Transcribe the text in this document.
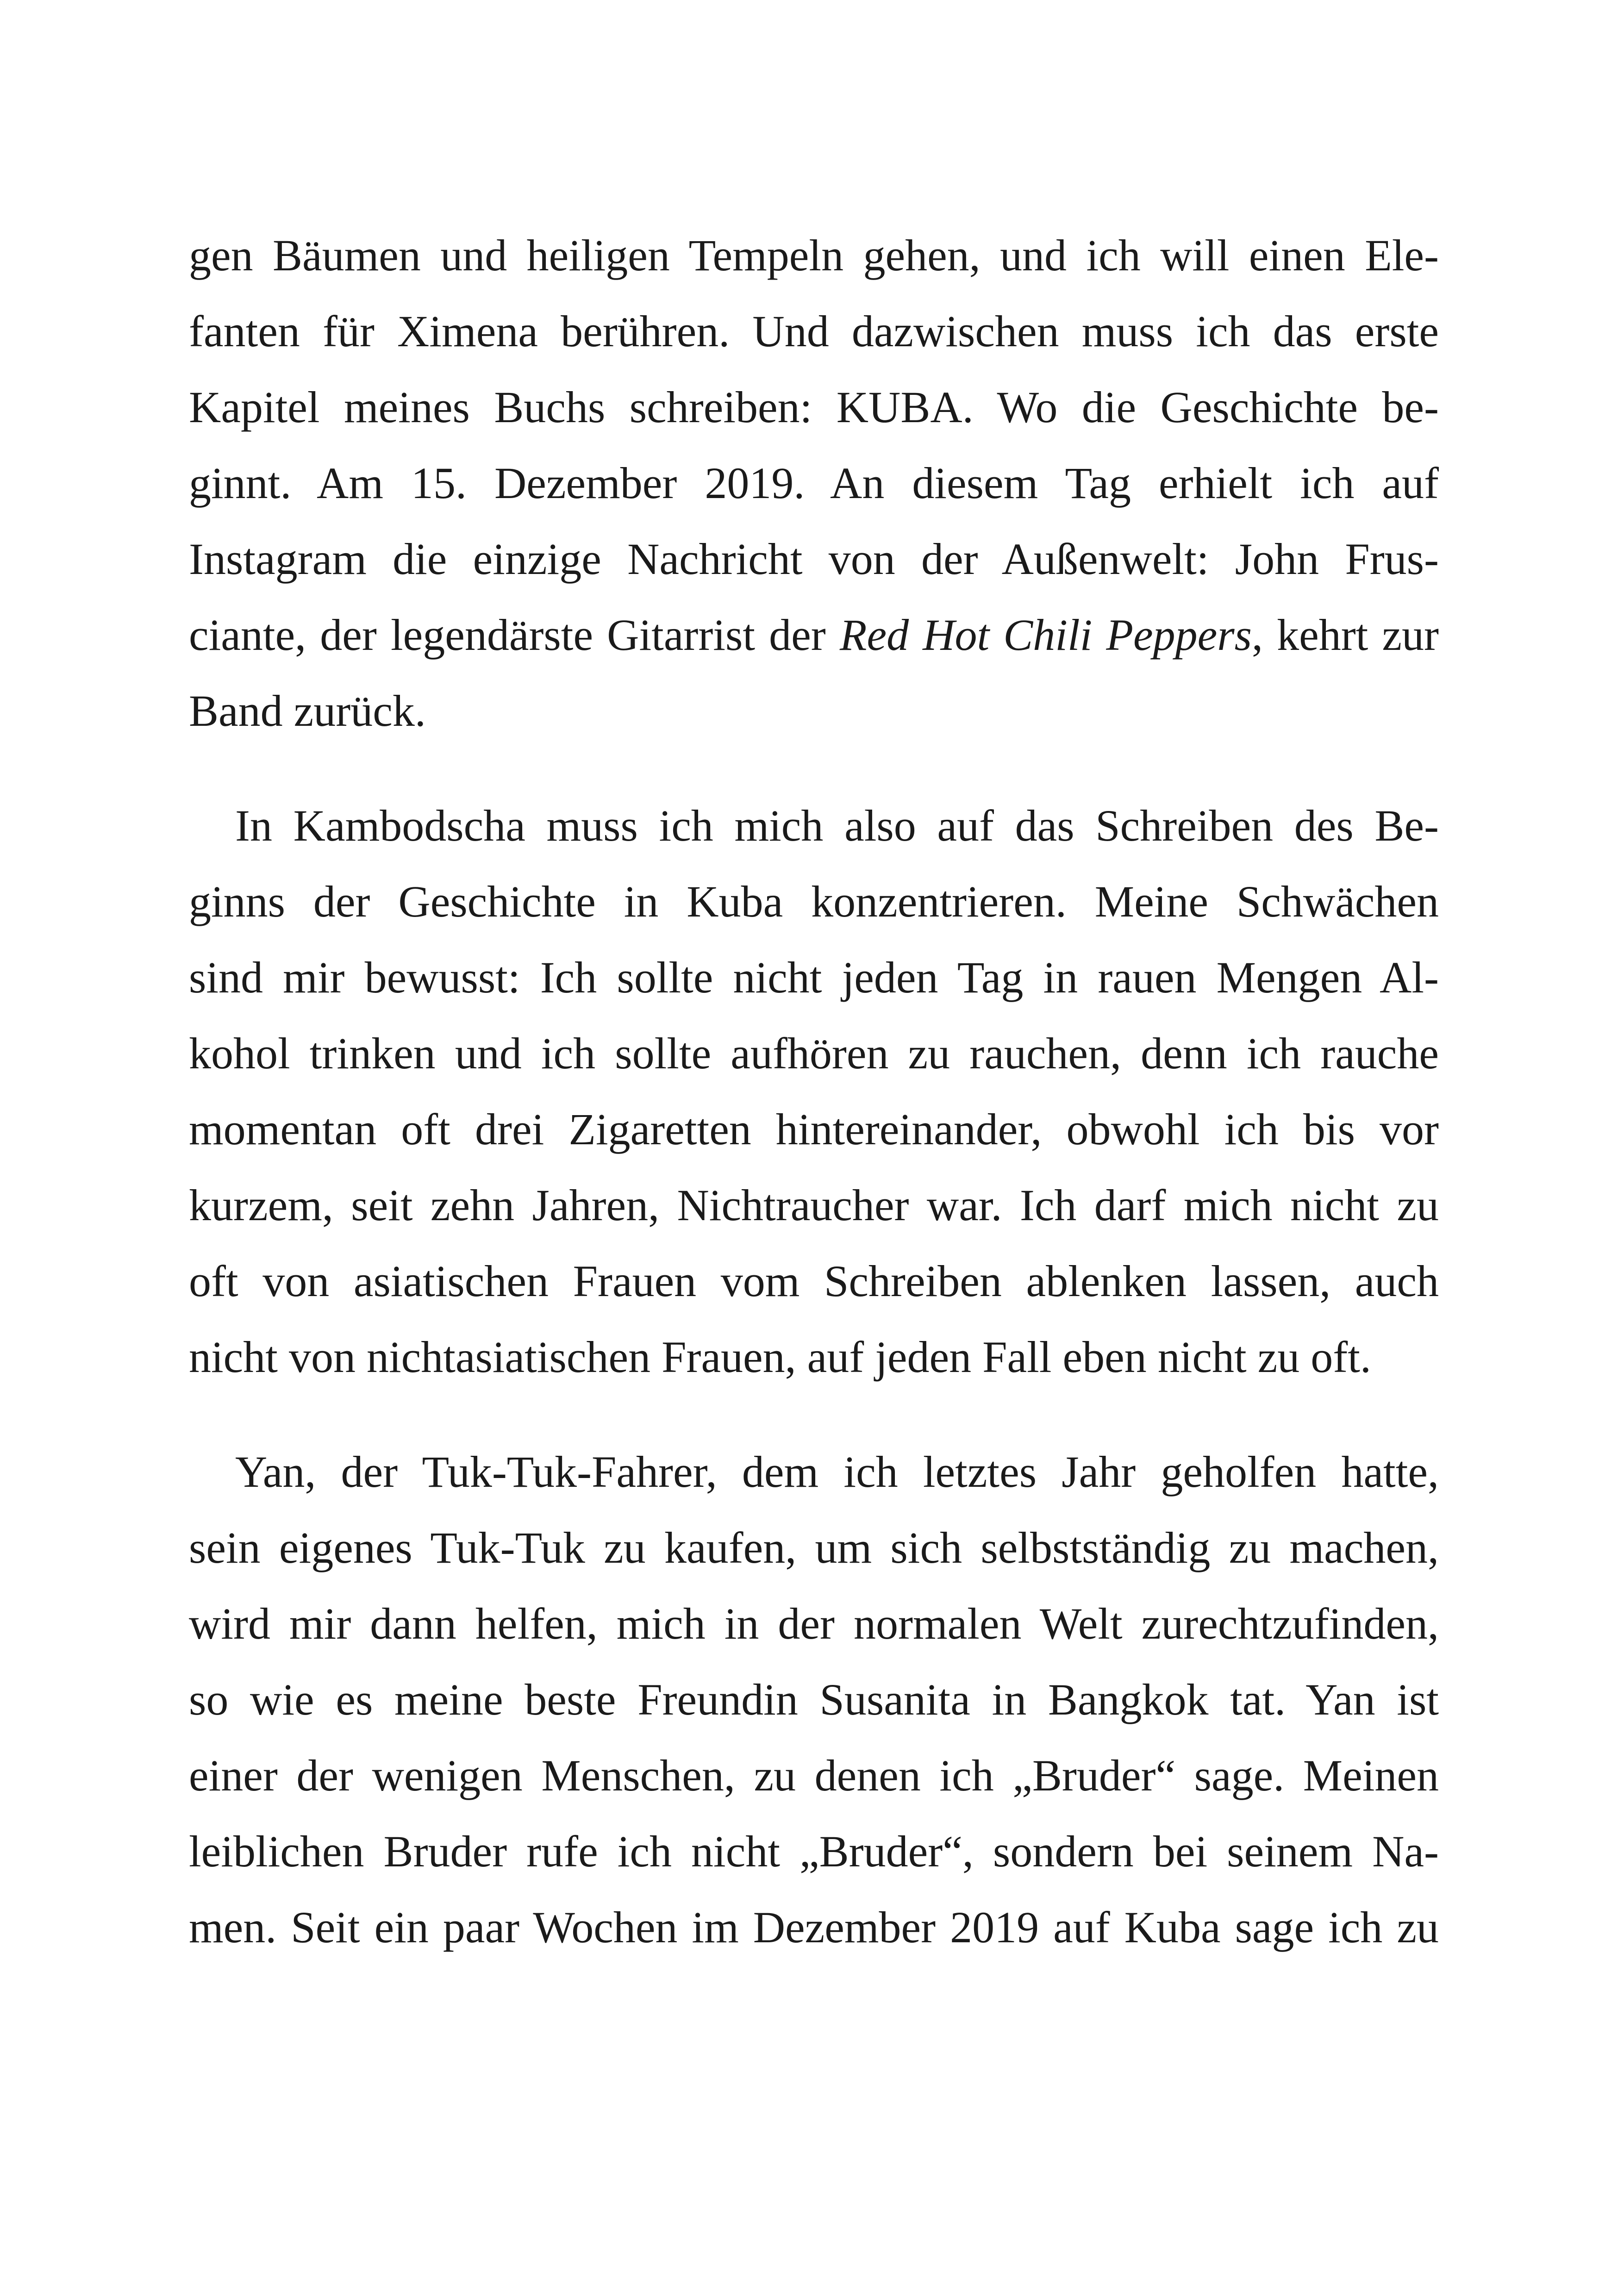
gen Bäumen und heiligen Tempeln gehen, und ich will einen Ele-
fanten für Ximena berühren. Und dazwischen muss ich das erste
Kapitel meines Buchs schreiben: KUBA. Wo die Geschichte be-
ginnt. Am 15. Dezember 2019. An diesem Tag erhielt ich auf
Instagram die einzige Nachricht von der Außenwelt: John Frus-
ciante, der legendärste Gitarrist der Red Hot Chili Peppers, kehrt zur
Band zurück.
In Kambodscha muss ich mich also auf das Schreiben des Be-
ginns der Geschichte in Kuba konzentrieren. Meine Schwächen
sind mir bewusst: Ich sollte nicht jeden Tag in rauen Mengen Al-
kohol trinken und ich sollte aufhören zu rauchen, denn ich rauche
momentan oft drei Zigaretten hintereinander, obwohl ich bis vor
kurzem, seit zehn Jahren, Nichtraucher war. Ich darf mich nicht zu
oft von asiatischen Frauen vom Schreiben ablenken lassen, auch
nicht von nichtasiatischen Frauen, auf jeden Fall eben nicht zu oft.
Yan, der Tuk-Tuk-Fahrer, dem ich letztes Jahr geholfen hatte,
sein eigenes Tuk-Tuk zu kaufen, um sich selbstständig zu machen,
wird mir dann helfen, mich in der normalen Welt zurechtzufinden,
so wie es meine beste Freundin Susanita in Bangkok tat. Yan ist
einer der wenigen Menschen, zu denen ich „Bruder“ sage. Meinen
leiblichen Bruder rufe ich nicht „Bruder“, sondern bei seinem Na-
men. Seit ein paar Wochen im Dezember 2019 auf Kuba sage ich zu
